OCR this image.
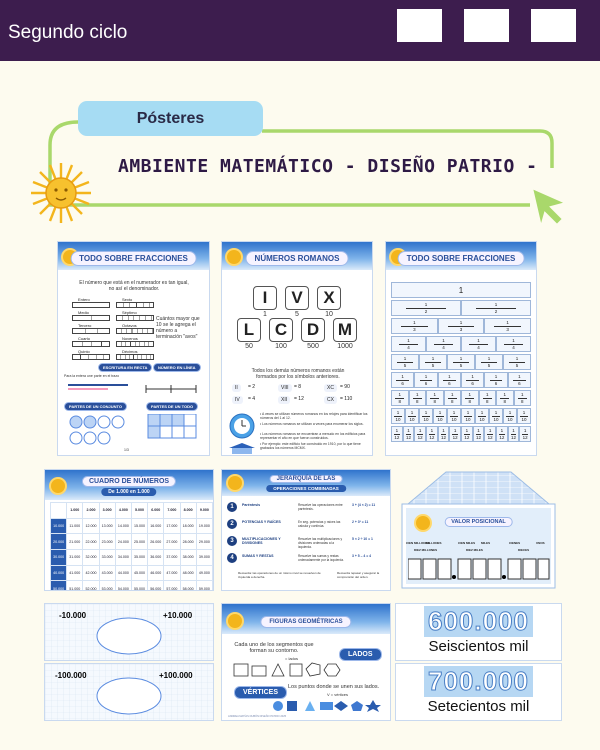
Segundo ciclo
Pósteres
AMBIENTE MATEMÁTICO - DISEÑO PATRIO -
TODO SOBRE FRACCIONES
El número que está en el numerador es tan igual, no así el denominador.
Entero
Medio
Tercero
Cuarto
Quinto
Sexto
Séptimo
Octavos
Novenos
Décimos
Cuántos mayor que 10 se le agrega el número a terminación "avos"
ESCRITURA EN RECTA	NÚMERO EN LÍNEA
Para la entera une parte en el trazo
PARTES DE UN CONJUNTO	PARTES DE UN TODO
1/3
NÚMEROS ROMANOS
I
1
V
5
X
10
L
50
C
100
D
500
M
1000
Todos los demás números romanos están formados por los símbolos anteriores.
II	= 2	VIII	= 8	XC	= 90
IV	= 4	XII	= 12	CX	= 110
• A veces se utilizan números romanos en los relojes para identificar los números del 1 al 12.
• Los números romanos se utilizan a veces para enumerar los siglos.
• Los números romanos se encuentran a menudo en los edificios para representar el año en que fueron construidos.
• Por ejemplo: este edificio fue construido en 1910, por lo que tiene grabados los números MCMX.
TODO SOBRE FRACCIONES
1
$\frac{1}{2} \frac{1}{2}$
$\frac{1}{3} \frac{1}{3} \frac{1}{3}$
$\frac{1}{4} \frac{1}{4} \frac{1}{4} \frac{1}{4}$
$\frac{1}{5} \frac{1}{5} \frac{1}{5} \frac{1}{5} \frac{1}{5}$
$\frac{1}{6} \frac{1}{6} \frac{1}{6} \frac{1}{6} \frac{1}{6} \frac{1}{6}$
$\frac{1}{8} \frac{1}{8} \frac{1}{8} \frac{1}{8} \frac{1}{8} \frac{1}{8} \frac{1}{8} \frac{1}{8}$
$\frac{1}{10} \frac{1}{10} \frac{1}{10} \frac{1}{10} \frac{1}{10} \frac{1}{10} \frac{1}{10} \frac{1}{10} \frac{1}{10} \frac{1}{10}$
$\frac{1}{12} \frac{1}{12} \frac{1}{12} \frac{1}{12} \frac{1}{12} \frac{1}{12} \frac{1}{12} \frac{1}{12} \frac{1}{12} \frac{1}{12} \frac{1}{12} \frac{1}{12}$
CUADRO DE NÚMEROS
De 1.000 en 1.000
0	1.000	2.000	3.000	4.000	5.000	6.000	7.000	8.000	9.000
10.000	11.000	12.000	13.000	14.000	15.000	16.000	17.000	18.000	19.000
20.000	21.000	22.000	23.000	24.000	25.000	26.000	27.000	28.000	29.000
30.000	31.000	32.000	33.000	34.000	35.000	36.000	37.000	38.000	39.000
40.000	41.000	42.000	43.000	44.000	45.000	46.000	47.000	48.000	49.000
50.000	51.000	52.000	53.000	54.000	55.000	56.000	57.000	58.000	59.000

JERARQUÍA DE LAS
OPERACIONES COMBINADAS
1	Paréntesis	Resuelve las operaciones entre paréntesis.
3 + (4 × 2) = 11
2	POTENCIAS Y RAÍCES	En seg. potencias y raíces las calcula y continúa.
2 + 3² = 11
3	MULTIPLICACIONES Y DIVISIONES
Resuelve las multiplicaciones y divisiones ordenadas a la izquierda.
5 × 2 ÷ 10 = 1
4	SUMAS Y RESTAS	Resuelve las sumas y restas ordenadamente por la izquierda.
3 + 5 – 4 = 4
Recuerda: las operaciones de un mismo nivel se resuelven de izquierda a derecha.
Recuerda repasar y asegurar la comprensión del orden.
VALOR POSICIONAL
CIEN MILLONES
MILLONES
DIEZ MILLONES
CIEN MILES
DIEZ MILES
MILES	CIENES
DIECES
UNOS
-10.000	+10.000
-100.000	+100.000
FIGURAS GEOMÉTRICAS
Cada uno de los segmentos que forman su contorno.	LADOS
= lados
VÉRTICES
Los puntos donde se unen sus lados.
V = vértices
ANDREA MATÍAS DUBÓN DISEÑO PATRIO 2025
600.000
Seiscientos mil
700.000
Setecientos mil
